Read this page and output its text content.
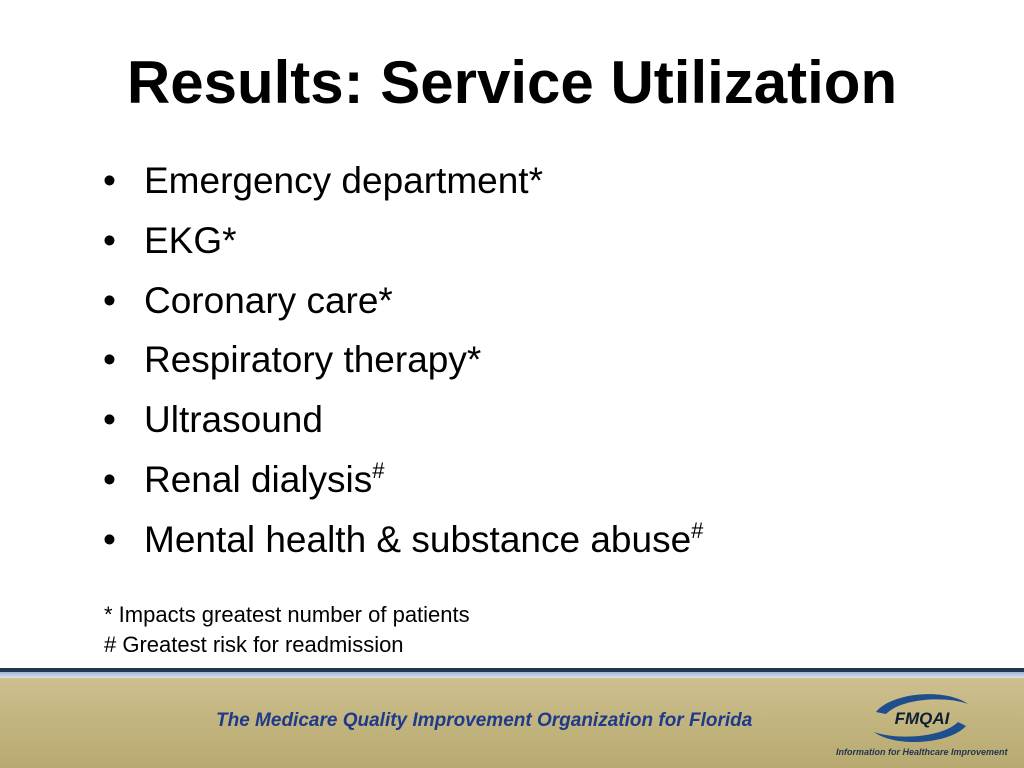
Results: Service Utilization
• Emergency department*
• EKG*
• Coronary care*
• Respiratory therapy*
• Ultrasound
• Renal dialysis#
• Mental health & substance abuse#
* Impacts greatest number of patients
# Greatest risk for readmission
The Medicare Quality Improvement Organization for Florida	FMQAI
Information for Healthcare Improvement
